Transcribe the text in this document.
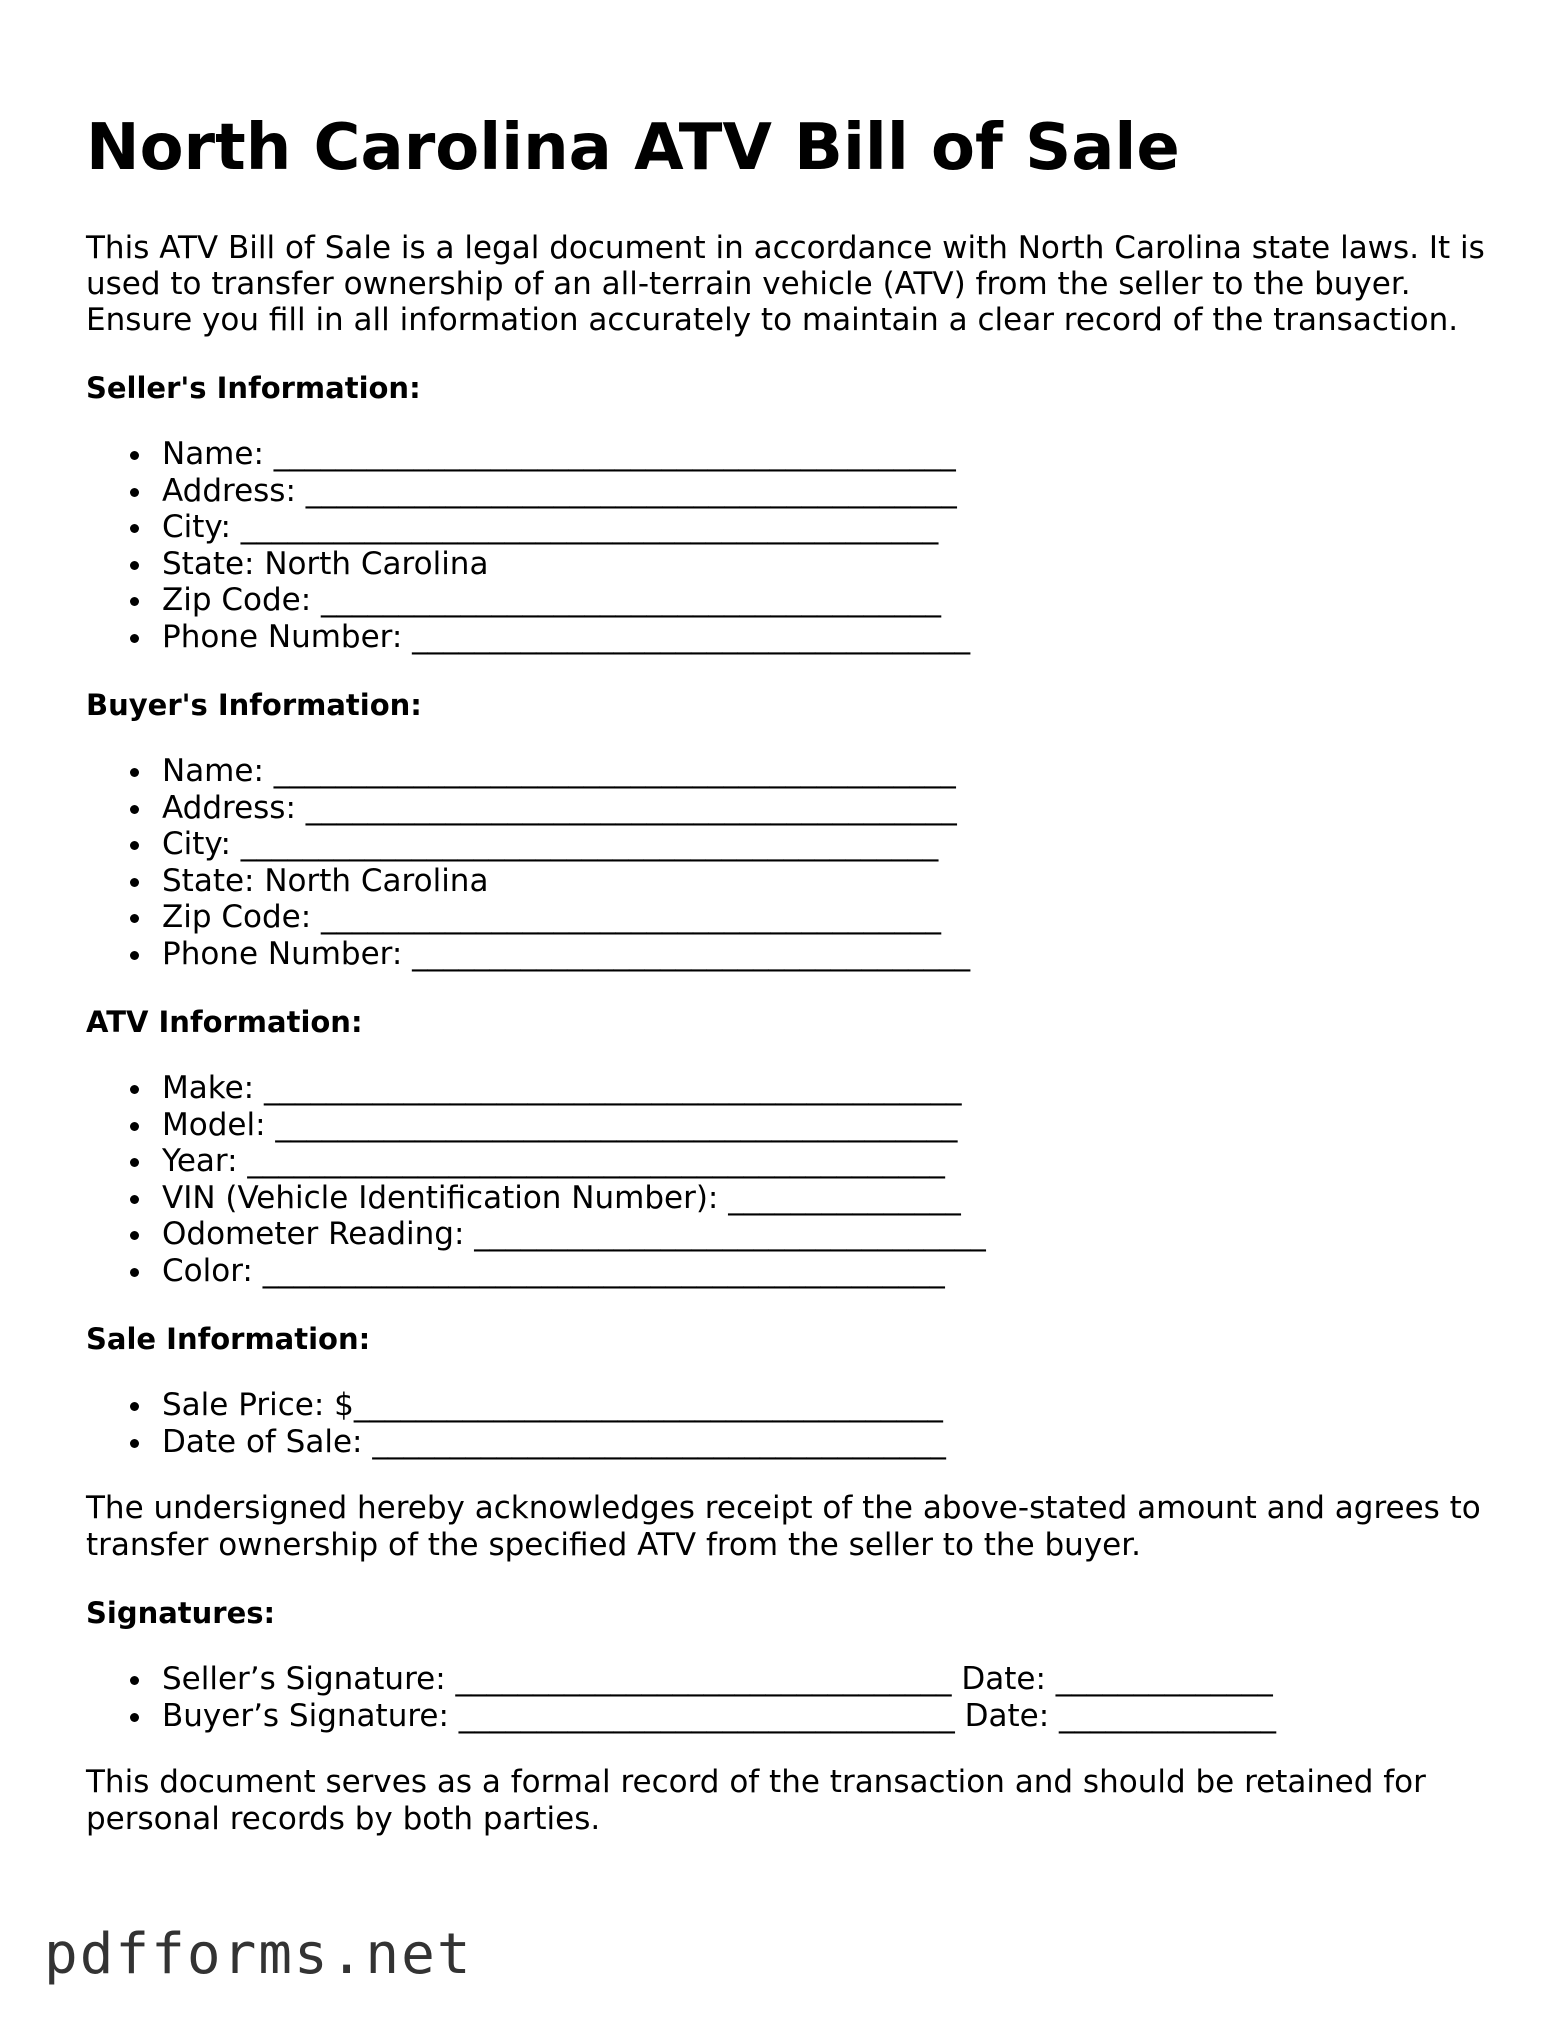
North Carolina ATV Bill of Sale

This ATV Bill of Sale is a legal document in accordance with North Carolina state laws. It is used to transfer ownership of an all-terrain vehicle (ATV) from the seller to the buyer. Ensure you fill in all information accurately to maintain a clear record of the transaction.

Seller's Information:
Name: ____________________________________________
Address: __________________________________________
City: _____________________________________________
State: North Carolina
Zip Code: ________________________________________
Phone Number: ____________________________________
Buyer's Information:
Name: ____________________________________________
Address: __________________________________________
City: _____________________________________________
State: North Carolina
Zip Code: ________________________________________
Phone Number: ____________________________________
ATV Information:
Make: _____________________________________________
Model: ____________________________________________
Year: _____________________________________________
VIN (Vehicle Identification Number): _______________
Odometer Reading: _________________________________
Color: ____________________________________________
Sale Information:
Sale Price: $______________________________________
Date of Sale: _____________________________________

The undersigned hereby acknowledges receipt of the above-stated amount and agrees to transfer ownership of the specified ATV from the seller to the buyer.

Signatures:
Seller’s Signature: ________________________________ Date: ______________
Buyer’s Signature: ________________________________ Date: ______________

This document serves as a formal record of the transaction and should be retained for personal records by both parties.

pdfforms.net
